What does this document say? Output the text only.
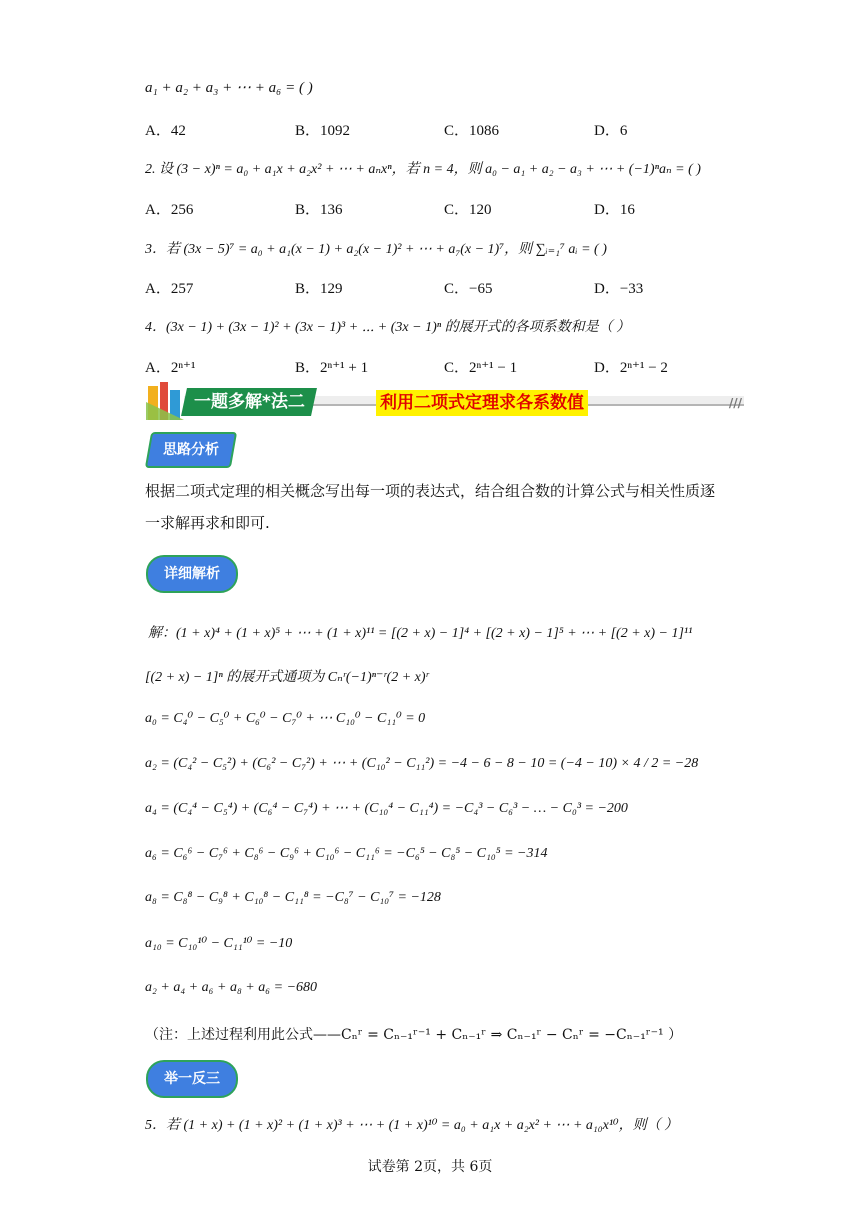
a₁ + a₂ + a₃ + ⋯ + a₆ = ( )
A．42	B．1092	C．1086	D．6
2. 设 (3 − x)ⁿ = a₀ + a₁x + a₂x² + ⋯ + aₙxⁿ，若 n = 4，则 a₀ − a₁ + a₂ − a₃ + ⋯ + (−1)ⁿaₙ = ( )
A．256	B．136	C．120	D．16
3．若 (3x − 5)⁷ = a₀ + a₁(x − 1) + a₂(x − 1)² + ⋯ + a₇(x − 1)⁷，则 ∑ᵢ₌₁⁷ aᵢ = ( )
A．257	B．129	C．−65	D．−33
4．(3x − 1) + (3x − 1)² + (3x − 1)³ + ⋯ + (3x − 1)ⁿ 的展开式的各项系数和是（ ）
A．2ⁿ⁺¹	B．2ⁿ⁺¹ + 1	C．2ⁿ⁺¹ − 1	D．2ⁿ⁺¹ − 2
一题多解*法二	利用二项式定理求各系数值	///
思路分析
根据二项式定理的相关概念写出每一项的表达式，结合组合数的计算公式与相关性质逐
一求解再求和即可.
详细解析
解：(1 + x)⁴ + (1 + x)⁵ + ⋯ + (1 + x)¹¹ = [(2 + x) − 1]⁴ + [(2 + x) − 1]⁵ + ⋯ + [(2 + x) − 1]¹¹
[(2 + x) − 1]ⁿ 的展开式通项为 Cₙʳ(−1)ⁿ⁻ʳ(2 + x)ʳ
a₀ = C₄⁰ − C₅⁰ + C₆⁰ − C₇⁰ + ⋯ C₁₀⁰ − C₁₁⁰ = 0
a₂ = (C₄² − C₅²) + (C₆² − C₇²) + ⋯ + (C₁₀² − C₁₁²) = −4 − 6 − 8 − 10 = (−4 − 10) × 4 / 2 = −28
a₄ = (C₄⁴ − C₅⁴) + (C₆⁴ − C₇⁴) + ⋯ + (C₁₀⁴ − C₁₁⁴) = −C₄³ − C₆³ − … − C₀³ = −200
a₆ = C₆⁶ − C₇⁶ + C₈⁶ − C₉⁶ + C₁₀⁶ − C₁₁⁶ = −C₆⁵ − C₈⁵ − C₁₀⁵ = −314
a₈ = C₈⁸ − C₉⁸ + C₁₀⁸ − C₁₁⁸ = −C₈⁷ − C₁₀⁷ = −128
a₁₀ = C₁₀¹⁰ − C₁₁¹⁰ = −10
a₂ + a₄ + a₆ + a₈ + a₆ = −680
（注：上述过程利用此公式——Cₙʳ = Cₙ₋₁ʳ⁻¹ + Cₙ₋₁ʳ ⇒ Cₙ₋₁ʳ − Cₙʳ = −Cₙ₋₁ʳ⁻¹ ）
举一反三
5．若 (1 + x) + (1 + x)² + (1 + x)³ + ⋯ + (1 + x)¹⁰ = a₀ + a₁x + a₂x² + ⋯ + a₁₀x¹⁰，则（ ）
试卷第 2页，共 6页
